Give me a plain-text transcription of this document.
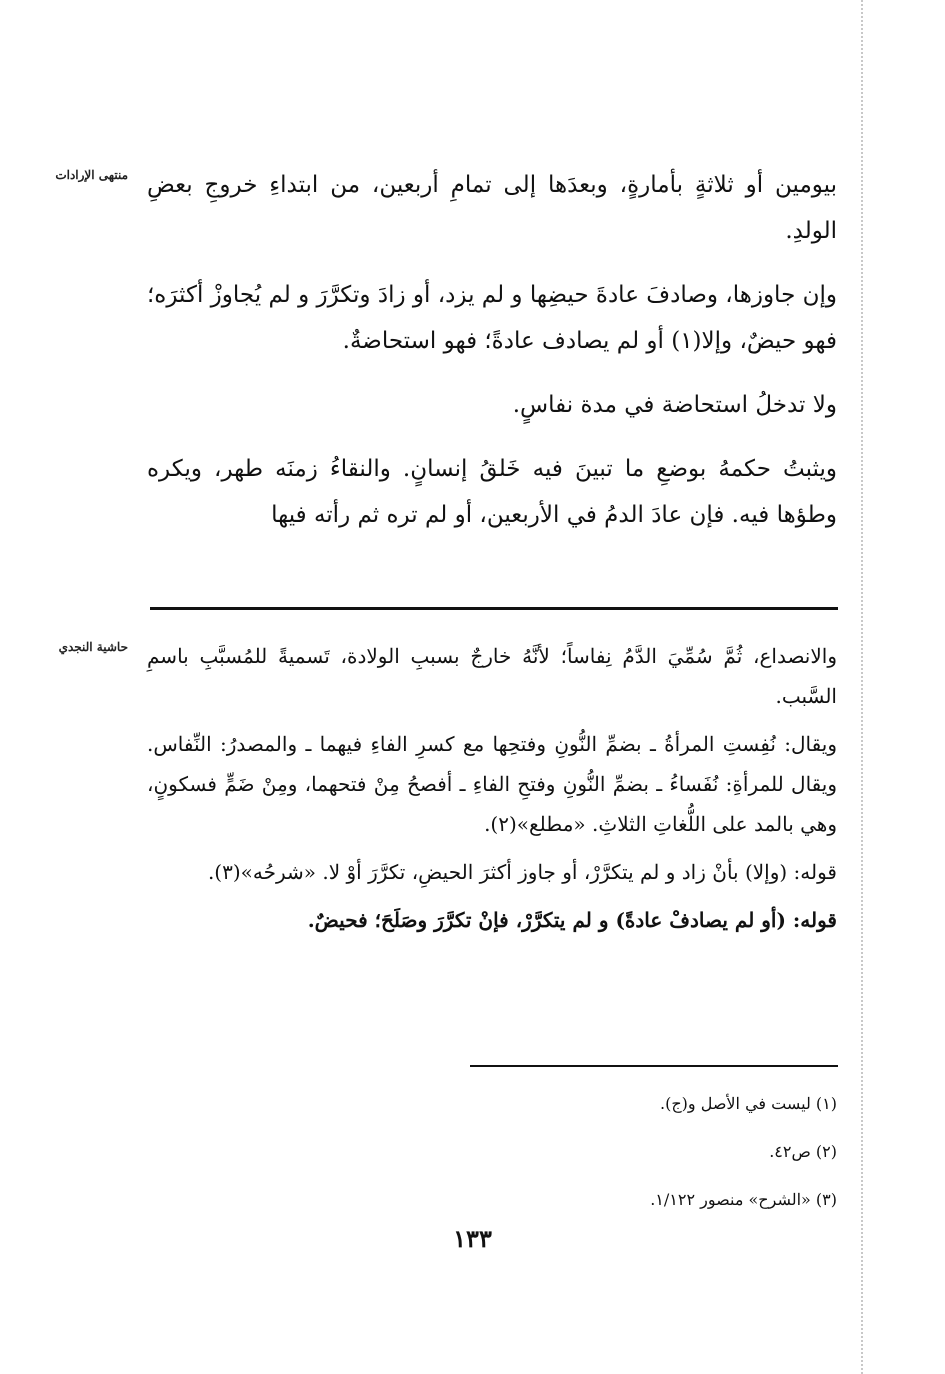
منتهى الإرادات بيومين أو ثلاثةٍ بأمارةٍ، وبعدَها إلى تمامِ أربعين، من ابتداءِ خروجِ بعضِ الولدِ.

وإن جاوزها، وصادفَ عادةَ حيضِها و لم يزد، أو زادَ وتكرَّرَ و لم يُجاوزْ أكثرَه؛ فهو حيضٌ، وإلا(١) أو لم يصادف عادةً؛ فهو استحاضةٌ.

ولا تدخلُ استحاضة في مدة نفاسٍ.

ويثبتُ حكمهُ بوضعِ ما تبينَ فيه خَلقُ إنسانٍ. والنقاءُ زمنَه طهر، ويكره وطؤها فيه. فإن عادَ الدمُ في الأربعين، أو لم تره ثم رأته فيها

حاشية النجدي والانصداع، ثُمَّ سُمِّيَ الدَّمُ نِفاساً؛ لأنَّهُ خارجٌ بسببِ الولادة، تَسميةً للمُسبَّبِ باسمِ السَّبب.

ويقال: نُفِستِ المرأةُ ـ بضمِّ النُّونِ وفتحِها مع كسرِ الفاءِ فيهما ـ والمصدرُ: النِّفاس. ويقال للمرأةِ: نُفَساءُ ـ بضمِّ النُّونِ وفتحِ الفاءِ ـ أفصحُ مِنْ فتحهما، ومِنْ ضَمٍّ فسكونٍ، وهي بالمد على اللُّغاتِ الثلاثِ. «مطلع»(٢).

قوله: (وإلا) بأنْ زاد و لم يتكرَّرْ، أو جاوز أكثرَ الحيضِ، تكرَّرَ أوْ لا. «شرحُه»(٣).

قوله: (أو لم يصادفْ عادةً) و لم يتكرَّرْ، فإنْ تكرَّرَ وصَلَحَ؛ فحيضٌ.

(١) ليست في الأصل و(ج).

(٢) ص٤٢.

(٣) «الشرح» منصور ١/١٢٢.

١٣٣
